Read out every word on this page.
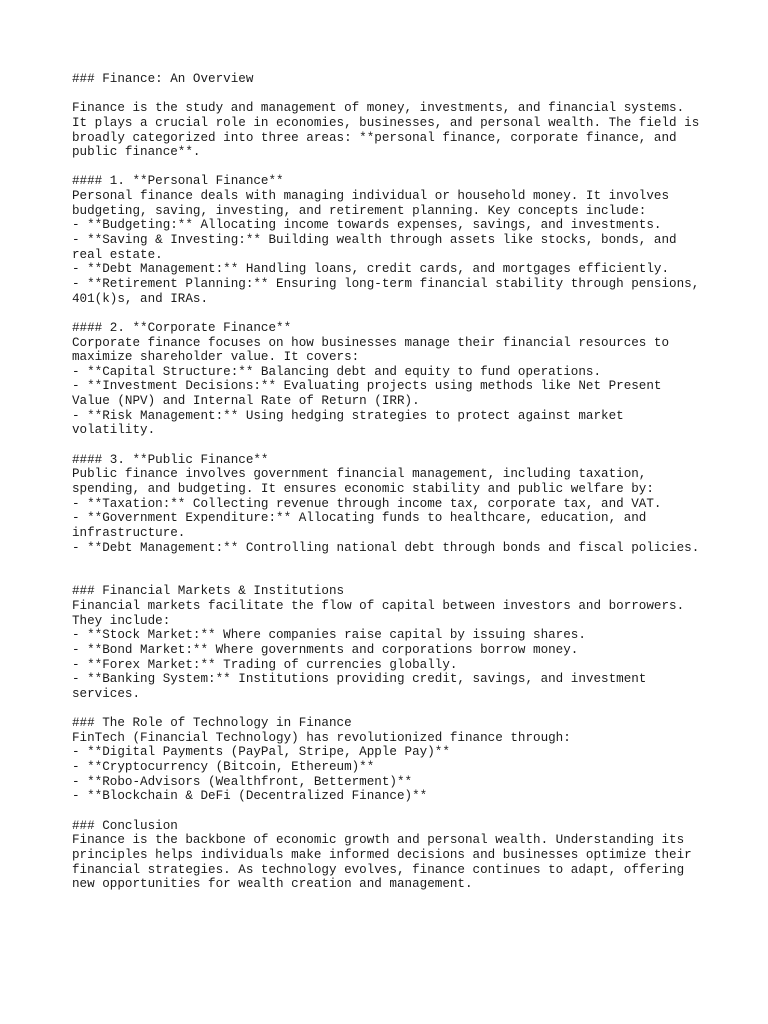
### Finance: An Overview
Finance is the study and management of money, investments, and financial systems.
It plays a crucial role in economies, businesses, and personal wealth. The field is
broadly categorized into three areas: **personal finance, corporate finance, and
public finance**.
#### 1. **Personal Finance**
Personal finance deals with managing individual or household money. It involves
budgeting, saving, investing, and retirement planning. Key concepts include:
- **Budgeting:** Allocating income towards expenses, savings, and investments.
- **Saving & Investing:** Building wealth through assets like stocks, bonds, and
real estate.
- **Debt Management:** Handling loans, credit cards, and mortgages efficiently.
- **Retirement Planning:** Ensuring long-term financial stability through pensions,
401(k)s, and IRAs.
#### 2. **Corporate Finance**
Corporate finance focuses on how businesses manage their financial resources to
maximize shareholder value. It covers:
- **Capital Structure:** Balancing debt and equity to fund operations.
- **Investment Decisions:** Evaluating projects using methods like Net Present
Value (NPV) and Internal Rate of Return (IRR).
- **Risk Management:** Using hedging strategies to protect against market
volatility.
#### 3. **Public Finance**
Public finance involves government financial management, including taxation,
spending, and budgeting. It ensures economic stability and public welfare by:
- **Taxation:** Collecting revenue through income tax, corporate tax, and VAT.
- **Government Expenditure:** Allocating funds to healthcare, education, and
infrastructure.
- **Debt Management:** Controlling national debt through bonds and fiscal policies.
### Financial Markets & Institutions
Financial markets facilitate the flow of capital between investors and borrowers.
They include:
- **Stock Market:** Where companies raise capital by issuing shares.
- **Bond Market:** Where governments and corporations borrow money.
- **Forex Market:** Trading of currencies globally.
- **Banking System:** Institutions providing credit, savings, and investment
services.
### The Role of Technology in Finance
FinTech (Financial Technology) has revolutionized finance through:
- **Digital Payments (PayPal, Stripe, Apple Pay)**
- **Cryptocurrency (Bitcoin, Ethereum)**
- **Robo-Advisors (Wealthfront, Betterment)**
- **Blockchain & DeFi (Decentralized Finance)**
### Conclusion
Finance is the backbone of economic growth and personal wealth. Understanding its
principles helps individuals make informed decisions and businesses optimize their
financial strategies. As technology evolves, finance continues to adapt, offering
new opportunities for wealth creation and management.
